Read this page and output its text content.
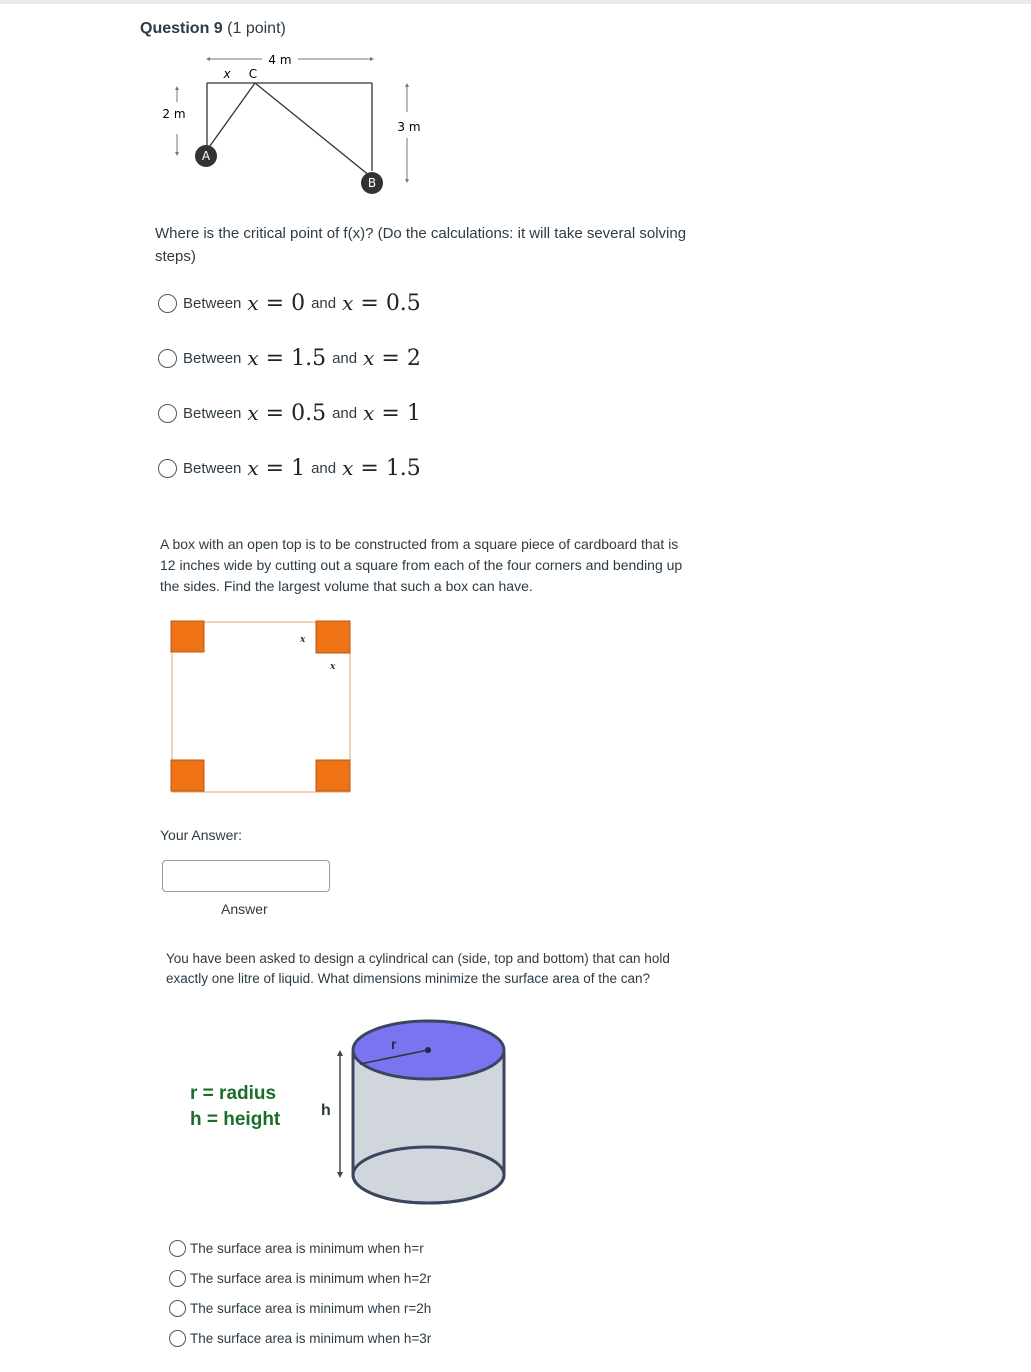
Question 9 (1 point)
4 m
x C
2 m
3 m
A
B
Where is the critical point of f(x)? (Do the calculations: it will take several solving
steps)
Between x = 0 and x = 0.5
Between x = 1.5 and x = 2
Between x = 0.5 and x = 1
Between x = 1 and x = 1.5
A box with an open top is to be constructed from a square piece of cardboard that is
12 inches wide by cutting out a square from each of the four corners and bending up
the sides. Find the largest volume that such a box can have.
x
x
Your Answer:
Answer
You have been asked to design a cylindrical can (side, top and bottom) that can hold
exactly one litre of liquid. What dimensions minimize the surface area of the can?
r = radius
h = height
r
h
The surface area is minimum when h=r
The surface area is minimum when h=2r
The surface area is minimum when r=2h
The surface area is minimum when h=3r
